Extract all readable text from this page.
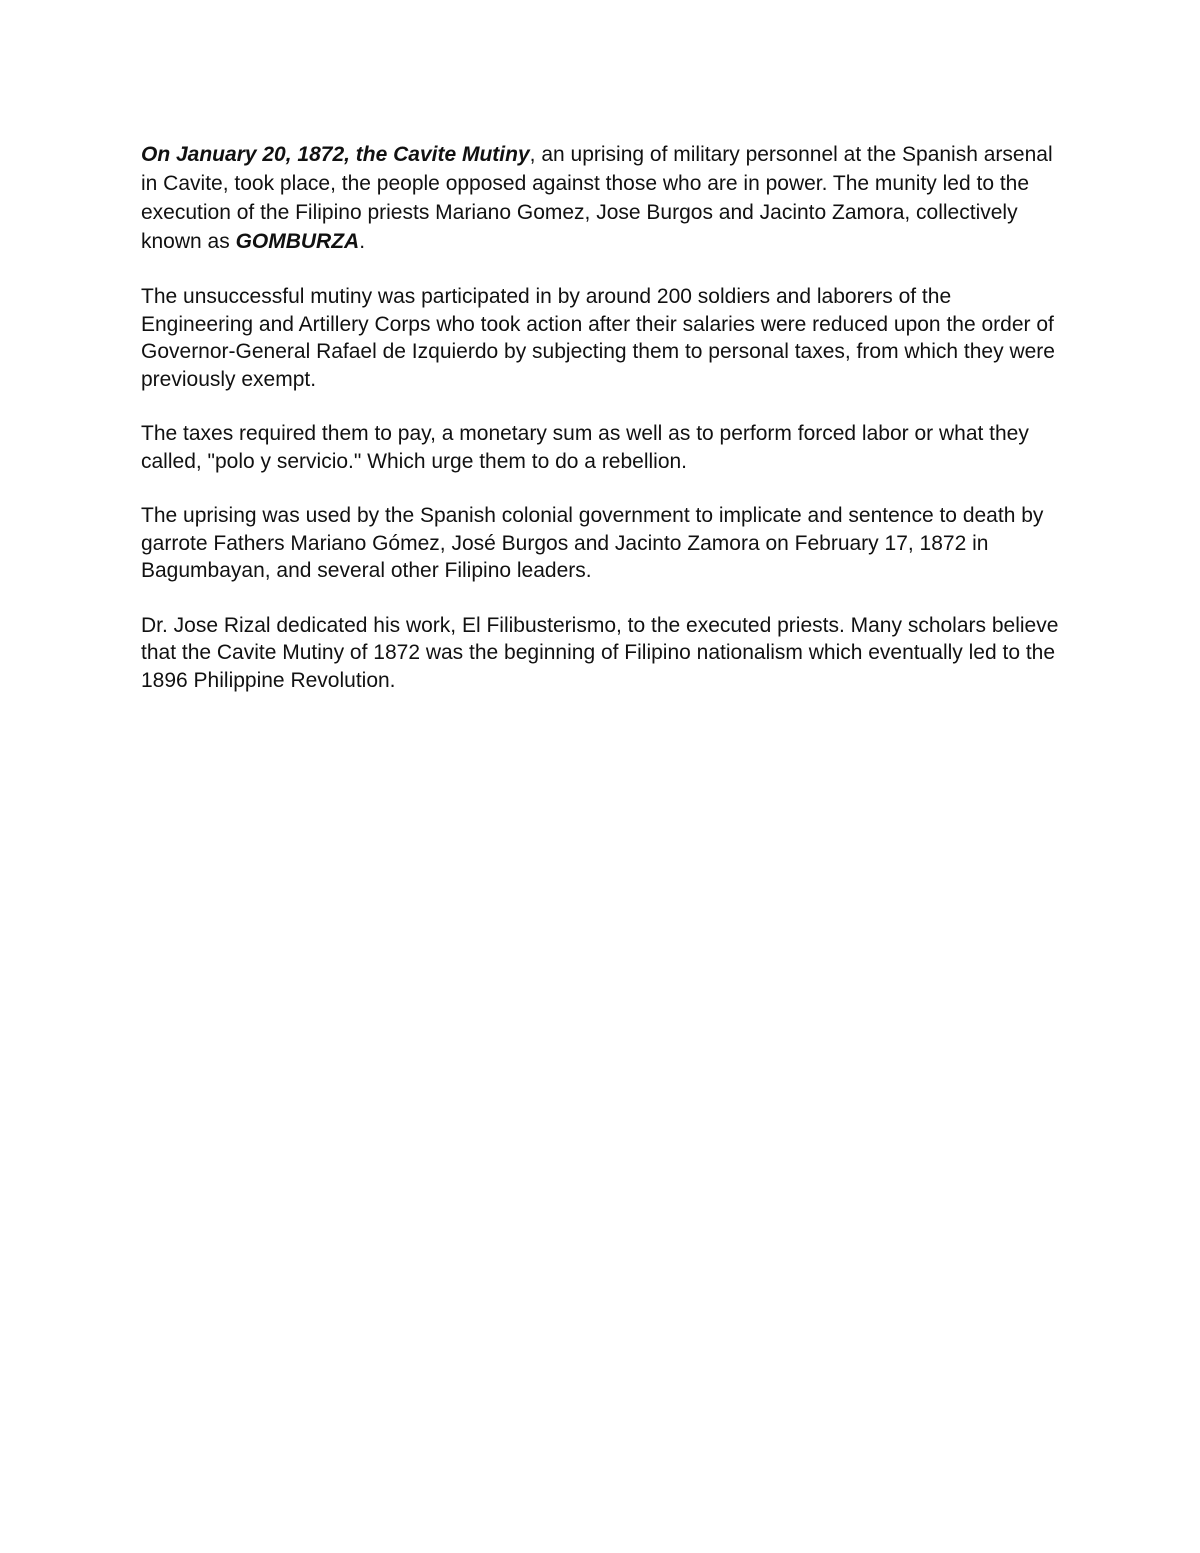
On January 20, 1872, the Cavite Mutiny, an uprising of military personnel at the Spanish arsenal in Cavite, took place, the people opposed against those who are in power. The munity led to the execution of the Filipino priests Mariano Gomez, Jose Burgos and Jacinto Zamora, collectively known as GOMBURZA.

The unsuccessful mutiny was participated in by around 200 soldiers and laborers of the Engineering and Artillery Corps who took action after their salaries were reduced upon the order of Governor-General Rafael de Izquierdo by subjecting them to personal taxes, from which they were previously exempt.

The taxes required them to pay, a monetary sum as well as to perform forced labor or what they called, "polo y servicio." Which urge them to do a rebellion.

The uprising was used by the Spanish colonial government to implicate and sentence to death by garrote Fathers Mariano Gómez, José Burgos and Jacinto Zamora on February 17, 1872 in Bagumbayan, and several other Filipino leaders.

Dr. Jose Rizal dedicated his work, El Filibusterismo, to the executed priests. Many scholars believe that the Cavite Mutiny of 1872 was the beginning of Filipino nationalism which eventually led to the 1896 Philippine Revolution.
